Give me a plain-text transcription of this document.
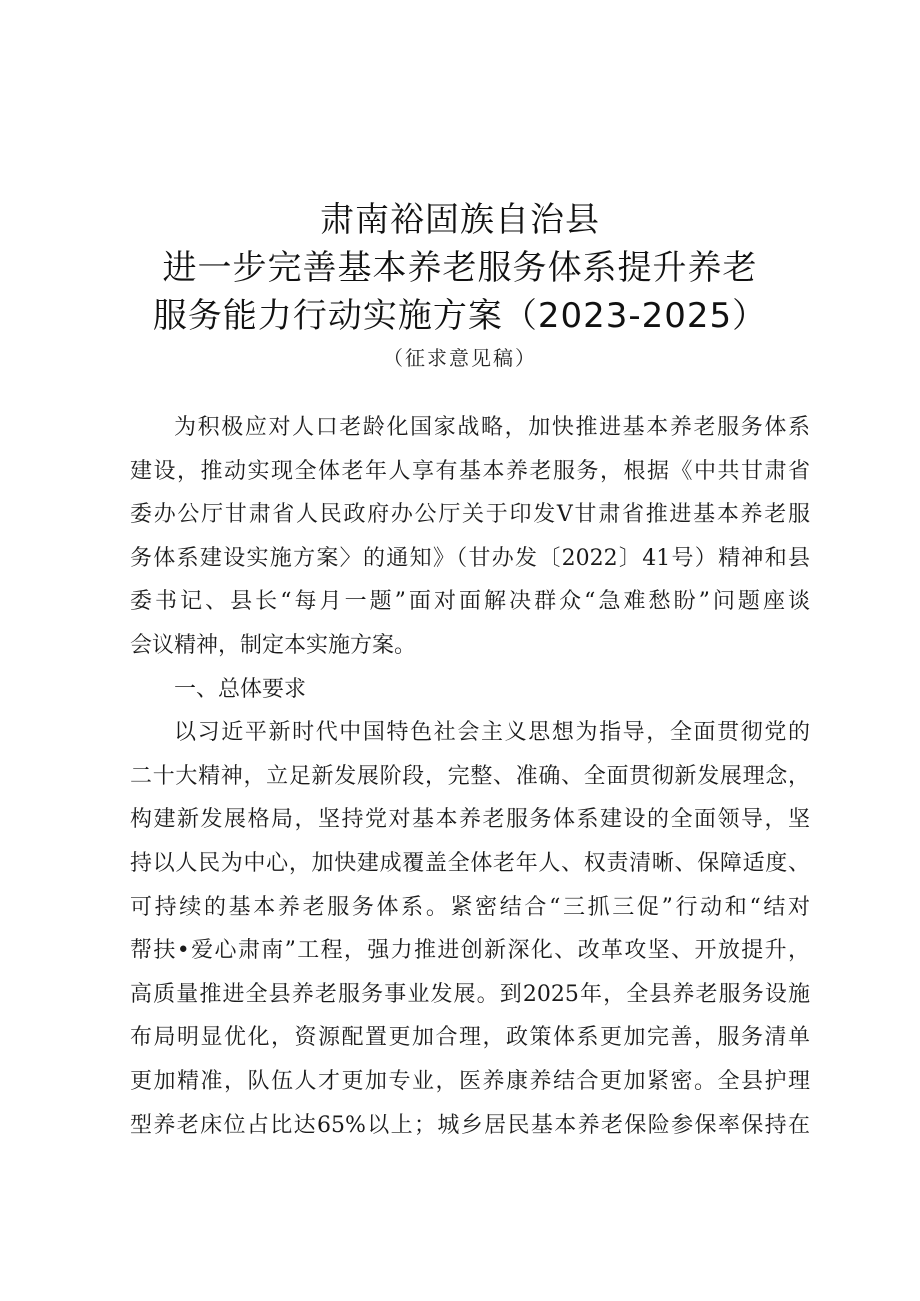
肃南裕固族自治县
进一步完善基本养老服务体系提升养老
服务能力行动实施方案（2023-2025）
（征求意见稿）
为积极应对人口老龄化国家战略，加快推进基本养老服务体系
建设，推动实现全体老年人享有基本养老服务，根据《中共甘肃省
委办公厅甘肃省人民政府办公厅关于印发V甘肃省推进基本养老服
务体系建设实施方案〉的通知》（甘办发〔2022〕41号）精神和县
委书记、县长“每月一题”面对面解决群众“急难愁盼”问题座谈
会议精神，制定本实施方案。
一、总体要求
以习近平新时代中国特色社会主义思想为指导，全面贯彻党的
二十大精神，立足新发展阶段，完整、准确、全面贯彻新发展理念，
构建新发展格局，坚持党对基本养老服务体系建设的全面领导，坚
持以人民为中心，加快建成覆盖全体老年人、权责清晰、保障适度、
可持续的基本养老服务体系。紧密结合“三抓三促”行动和“结对
帮扶•爱心肃南”工程，强力推进创新深化、改革攻坚、开放提升，
高质量推进全县养老服务事业发展。到2025年，全县养老服务设施
布局明显优化，资源配置更加合理，政策体系更加完善，服务清单
更加精准，队伍人才更加专业，医养康养结合更加紧密。全县护理
型养老床位占比达65%以上；城乡居民基本养老保险参保率保持在
